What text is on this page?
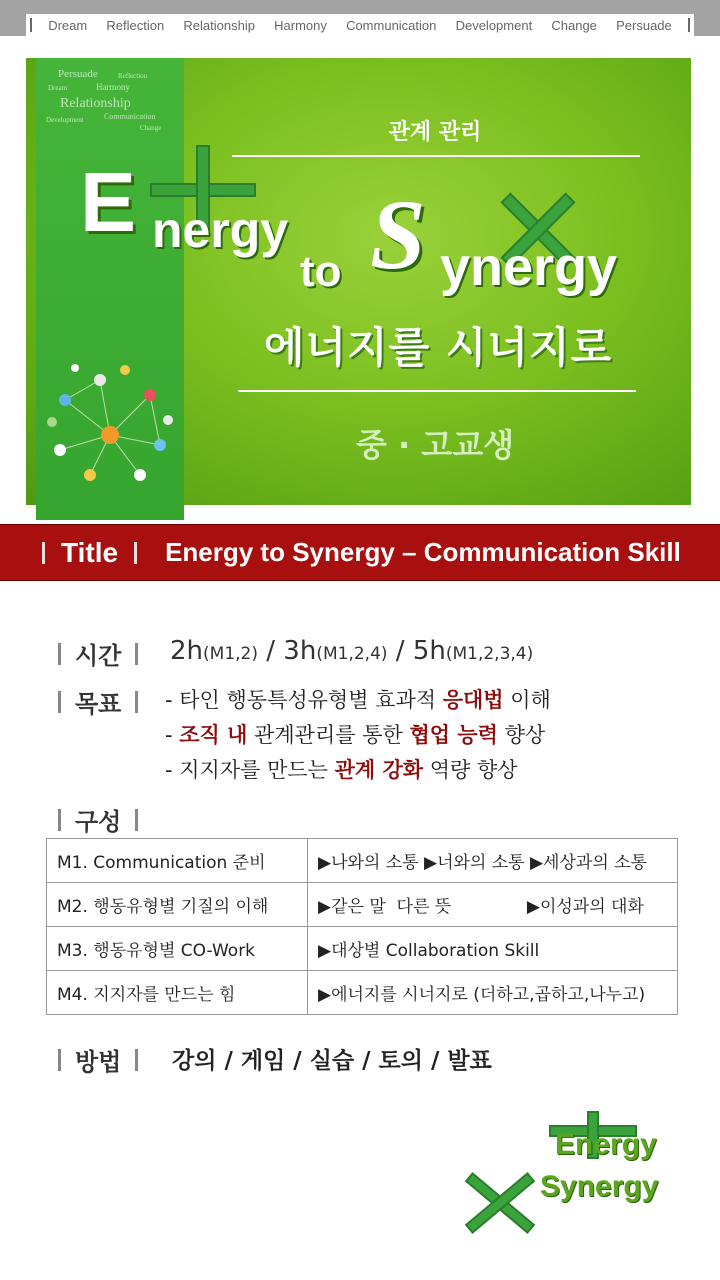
Dream Reflection Relationship Harmony Communication Development Change Persuade
Persuade	Reflection
Relationship
Harmony
Communication
Development
Dream
Change	관계 관리
E nergy
to S ynergy
에너지를 시너지로
중 · 고교생
Title Energy to Synergy – Communication Skill
시간 2h(M1,2) / 3h(M1,2,4) / 5h(M1,2,3,4)
목표 - 타인 행동특성유형별 효과적 응대법 이해
- 조직 내 관계관리를 통한 협업 능력 향상
- 지지자를 만드는 관계 강화 역량 향상
구성
M1. Communication 준비	▶나와의 소통 ▶너와의 소통 ▶세상과의 소통
M2. 행동유형별 기질의 이해	▶같은 말  다른 뜻              ▶이성과의 대화
M3. 행동유형별 CO-Work	▶대상별 Collaboration Skill
M4. 지지자를 만드는 힘	▶에너지를 시너지로 (더하고,곱하고,나누고)
방법 강의 / 게임 / 실습 / 토의 / 발표
Energy
Synergy
